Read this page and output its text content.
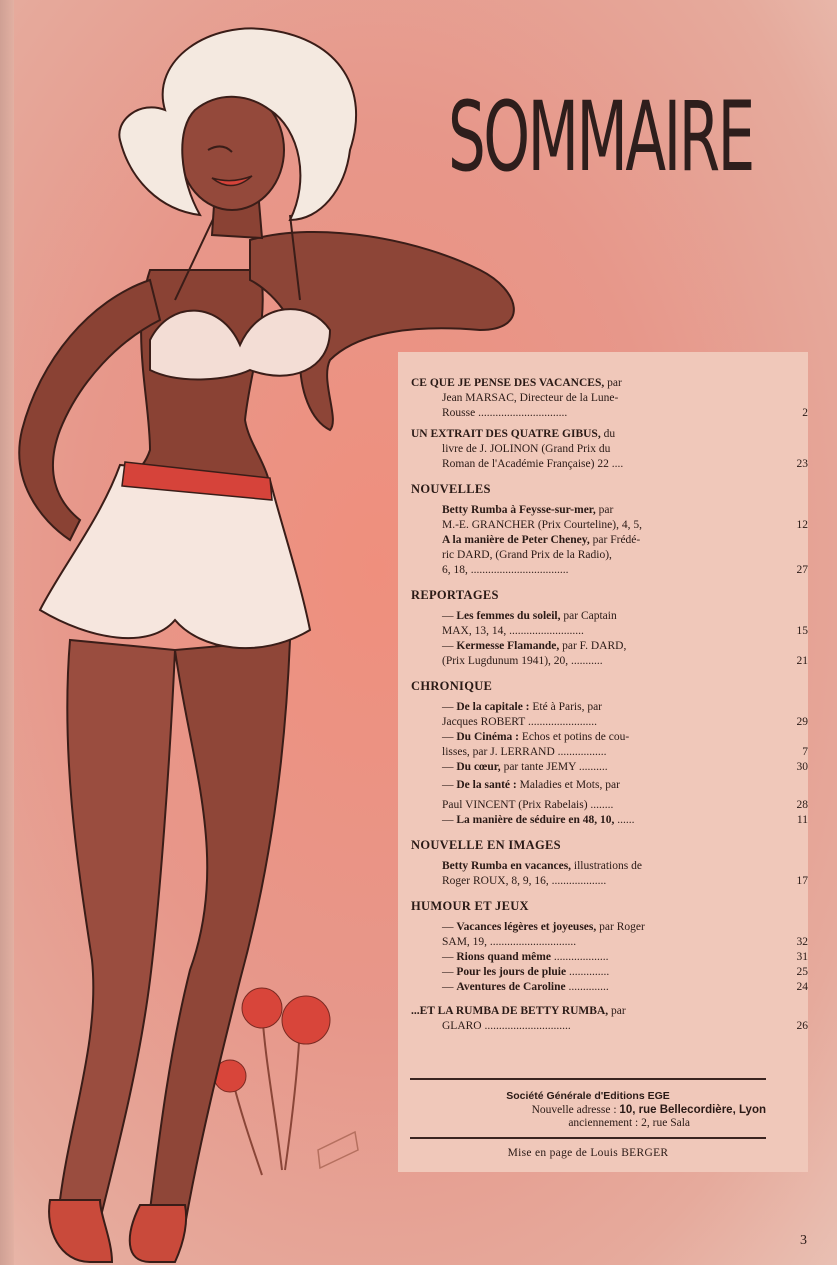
SOMMAIRE
CE QUE JE PENSE DES VACANCES, par
Jean MARSAC, Directeur de la Lune-
Rousse ...............................	2
UN EXTRAIT DES QUATRE GIBUS, du
livre de J. JOLINON (Grand Prix du
Roman de l'Académie Française) 22 ....	23
NOUVELLES
Betty Rumba à Feysse-sur-mer, par
M.-E. GRANCHER (Prix Courteline), 4, 5,	12
A la manière de Peter Cheney, par Frédé-
ric DARD, (Grand Prix de la Radio),
6, 18, ..................................	27
REPORTAGES
— Les femmes du soleil, par Captain
MAX, 13, 14, ..........................	15
— Kermesse Flamande, par F. DARD,
(Prix Lugdunum 1941), 20, ...........	21
CHRONIQUE
— De la capitale : Eté à Paris, par
Jacques ROBERT ........................	29
— Du Cinéma : Echos et potins de cou-
lisses, par J. LERRAND .................	7
— Du cœur, par tante JEMY ..........	30
— De la santé : Maladies et Mots, par
Paul VINCENT (Prix Rabelais) ........	28
— La manière de séduire en 48, 10, ......	11
NOUVELLE EN IMAGES
Betty Rumba en vacances, illustrations de
Roger ROUX, 8, 9, 16, ...................	17
HUMOUR ET JEUX
— Vacances légères et joyeuses, par Roger
SAM, 19, ..............................	32
— Rions quand même ...................	31
— Pour les jours de pluie ..............	25
— Aventures de Caroline ..............	24
...ET LA RUMBA DE BETTY RUMBA, par
GLARO ..............................	26
Société Générale d'Editions EGE
Nouvelle adresse : 10, rue Bellecordière, Lyon
anciennement : 2, rue Sala
Mise en page de Louis BERGER
3
